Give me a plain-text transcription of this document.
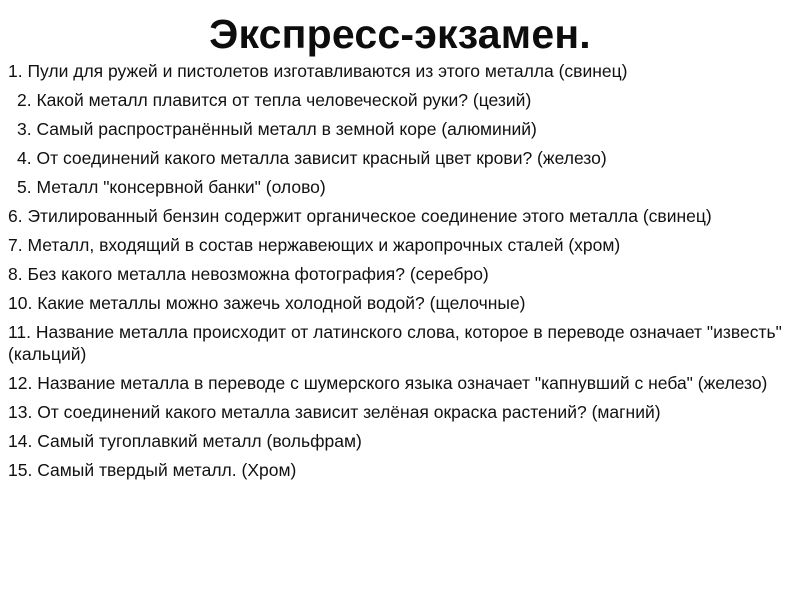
Экспресс-экзамен.
1. Пули для ружей и пистолетов изготавливаются из этого металла (свинец)
2. Какой металл плавится от тепла человеческой руки? (цезий)
3. Самый распространённый металл в земной коре (алюминий)
4. От соединений какого металла зависит красный цвет крови? (железо)
5. Металл "консервной банки" (олово)
6. Этилированный бензин содержит органическое соединение этого металла (свинец)
7. Металл, входящий в состав нержавеющих и жаропрочных сталей (хром)
8. Без какого металла невозможна фотография? (серебро)
10. Какие металлы можно зажечь холодной водой? (щелочные)
11. Название металла происходит от латинского слова, которое в переводе означает "известь" (кальций)
12. Название металла в переводе с шумерского языка означает "капнувший с неба" (железо)
13. От соединений какого металла зависит зелёная окраска растений? (магний)
14. Самый тугоплавкий металл (вольфрам)
15. Самый твердый металл. (Хром)
